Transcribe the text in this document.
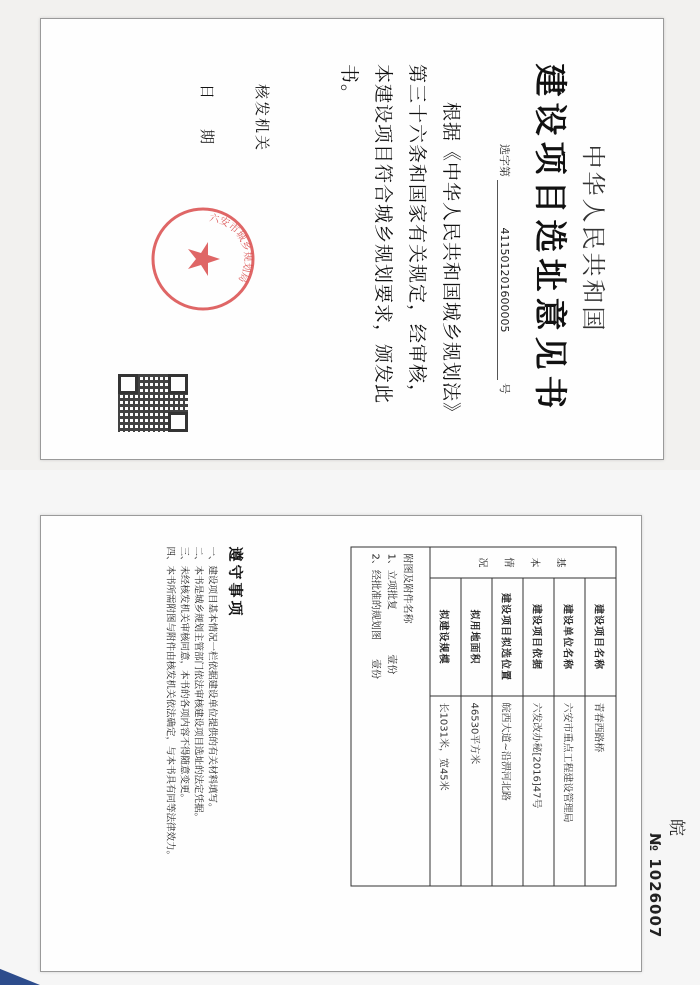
中华人民共和国
建设项目选址意见书
选字第411501201600005号
根据《中华人民共和国城乡规划法》第三十六条和国家有关规定，经审核，本建设项目符合城乡规划要求，颁发此书。
核发机关
日期
六安市城乡规划局
基

本

情

况	建设项目名称	青春西路桥
	建设单位名称	六安市重点工程建设管理局
	建设项目依据	六发改办秘[2016]47号
	建设项目拟选位置	皖西大道~沿淠河北路
	拟用地面积	46530平方米
	拟建设规模	长1031米，宽45米

附图及附件名称
1、立项批复              壹份
2、经批准的规划图      壹份		
遵守事项
一、建设项目基本情况一栏依据建设单位提供的有关材料填写。
二、本书是城乡规划主管部门依法审核建设项目选址的法定凭据。
三、未经核发机关审核同意，本书的各项内容不得随意变更。
四、本书所需附图与附件由核发机关依法确定，与本书具有同等法律效力。	皖
№ 1026007
